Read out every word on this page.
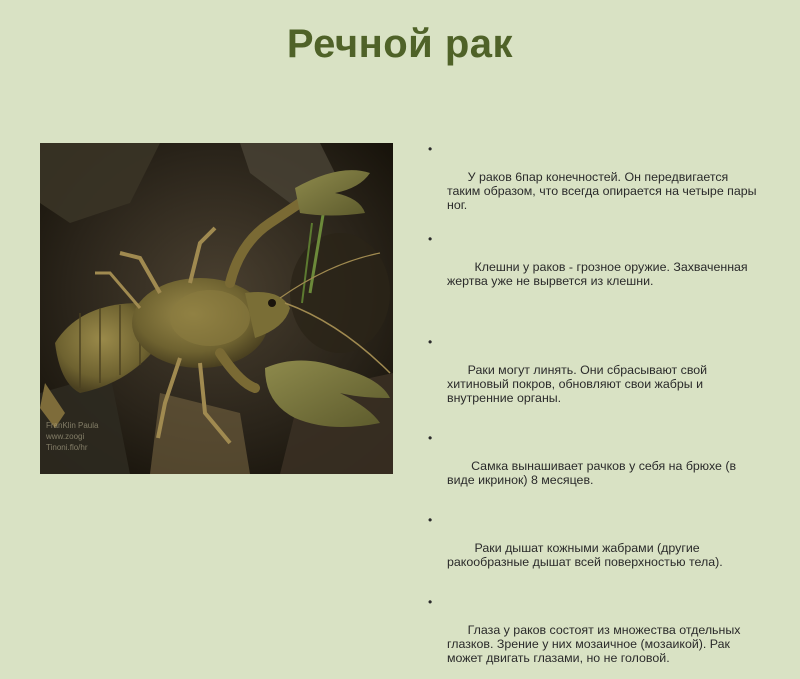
Речной рак
FranKlin Paula
www.zoogi
Tinoni.flo/hr

•

У раков 6пар конечностей. Он передвигается таким образом, что всегда опирается на четыре пары ног.

•

Клешни у раков - грозное оружие. Захваченная жертва уже не вырвется из клешни.

•

Раки могут линять. Они сбрасывают свой хитиновый покров, обновляют свои жабры и внутренние органы.

•

Самка вынашивает рачков у себя на брюхе (в виде икринок) 8 месяцев.

•

Раки дышат кожными жабрами (другие ракообразные дышат всей поверхностью тела).

•

Глаза у раков состоят из множества отдельных глазков. Зрение у них мозаичное (мозаикой). Рак может двигать глазами, но не головой.
